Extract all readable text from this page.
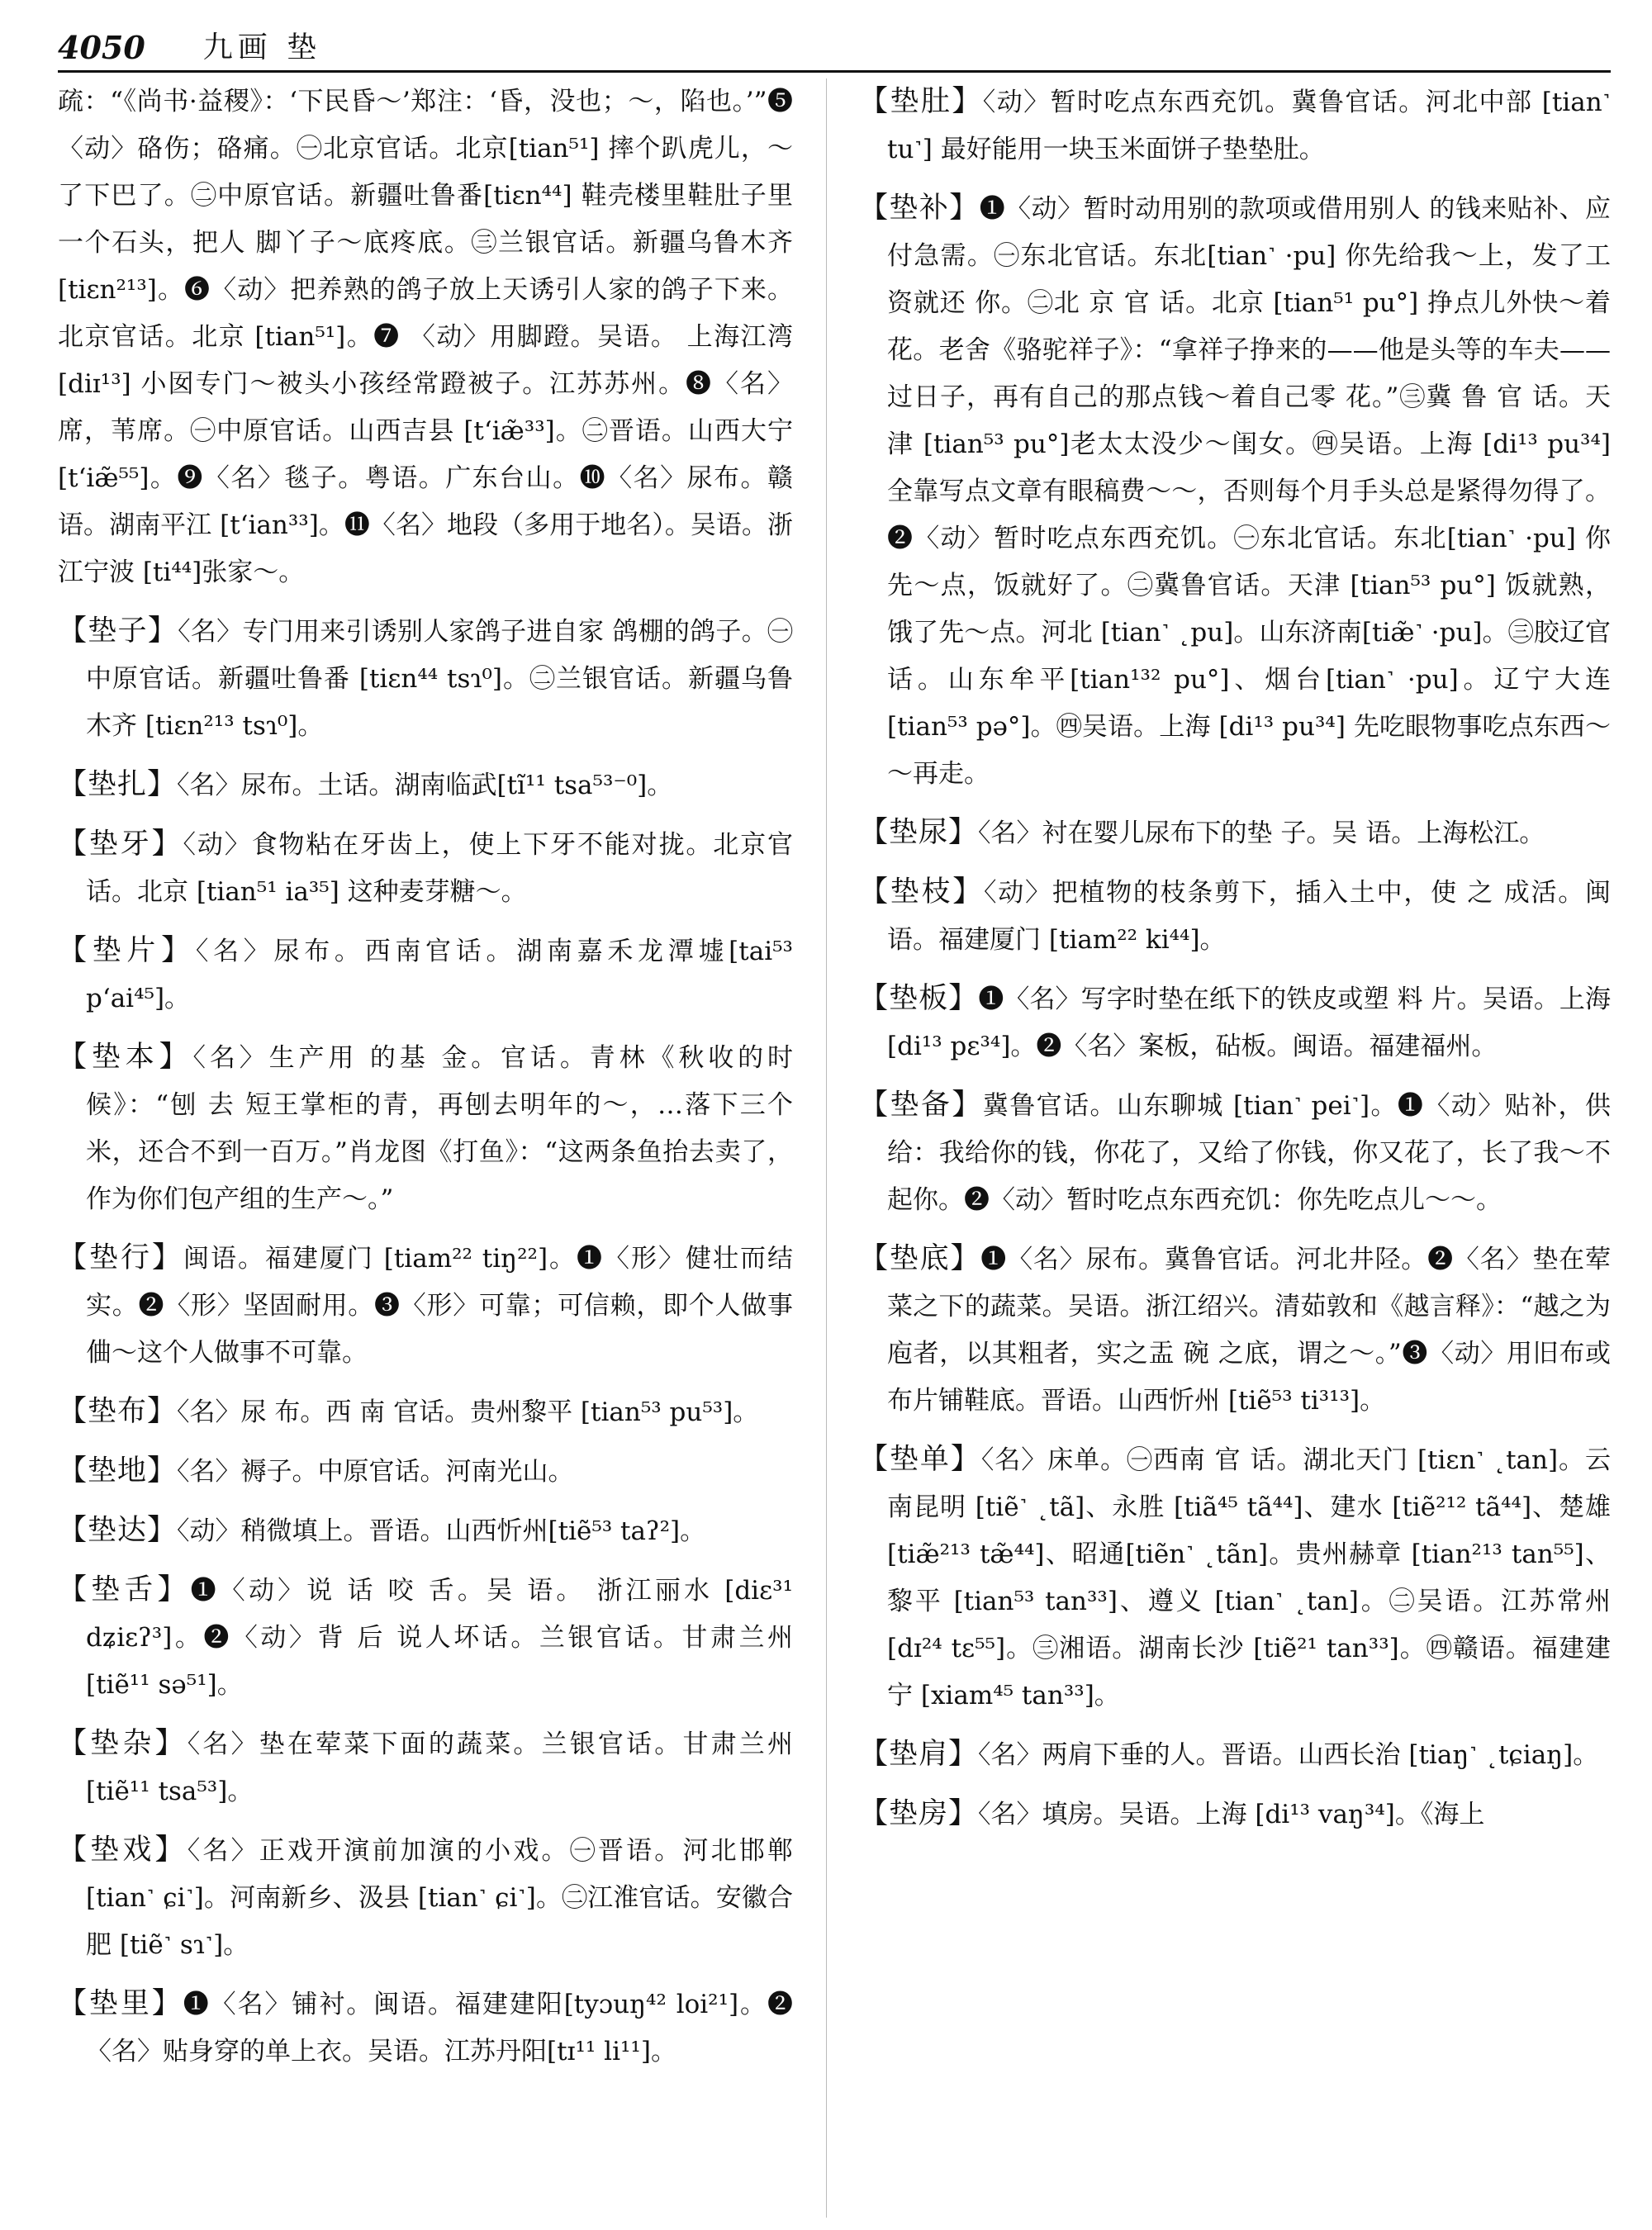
4050 九画 垫

疏：“《尚书·益稷》：‘下民昏～’郑注：‘昏，没也；～，陷也。’”❺〈动〉硌伤；硌痛。㊀北京官话。北京[tian⁵¹] 摔个趴虎儿，～了下巴了。㊁中原官话。新疆吐鲁番[tiɛn⁴⁴] 鞋壳楼里鞋肚子里一个石头，把人 脚丫子～底疼底。㊂兰银官话。新疆乌鲁木齐[tiɛn²¹³]。❻〈动〉把养熟的鸽子放上天诱引人家的鸽子下来。北京官话。北京 [tian⁵¹]。❼ 〈动〉用脚蹬。吴语。 上海江湾 [diɪ¹³] 小囡专门～被头小孩经常蹬被子。江苏苏州。❽〈名〉席，苇席。㊀中原官话。山西吉县 [tʻiæ̃³³]。㊁晋语。山西大宁 [tʻiæ̃⁵⁵]。❾〈名〉毯子。粤语。广东台山。❿〈名〉尿布。赣语。湖南平江 [tʻian³³]。⓫〈名〉地段（多用于地名）。吴语。浙江宁波 [ti⁴⁴]张家～。

【垫子】〈名〉专门用来引诱别人家鸽子进自家 鸽棚的鸽子。㊀中原官话。新疆吐鲁番 [tiɛn⁴⁴ tsɿ⁰]。㊁兰银官话。新疆乌鲁木齐 [tiɛn²¹³ tsɿ⁰]。

【垫扎】〈名〉尿布。土话。湖南临武[tĩ¹¹ tsa⁵³⁻⁰]。

【垫牙】〈动〉食物粘在牙齿上，使上下牙不能对拢。北京官话。北京 [tian⁵¹ ia³⁵] 这种麦芽糖～。

【垫片】〈名〉尿布。西南官话。湖南嘉禾龙潭墟[tai⁵³ pʻai⁴⁵]。

【垫本】〈名〉生产用 的基 金。官话。青林《秋收的时候》：“刨 去 短王掌柜的青，再刨去明年的～，…落下三个米，还合不到一百万。”肖龙图《打鱼》：“这两条鱼抬去卖了，作为你们包产组的生产～。”

【垫行】闽语。福建厦门 [tiam²² tiŋ²²]。❶〈形〉健壮而结实。❷〈形〉坚固耐用。❸〈形〉可靠；可信赖，即个人做事㑋～这个人做事不可靠。

【垫布】〈名〉尿 布。西 南 官话。贵州黎平 [tian⁵³ pu⁵³]。

【垫地】〈名〉褥子。中原官话。河南光山。

【垫达】〈动〉稍微填上。晋语。山西忻州[tiẽ⁵³ taʔ²]。

【垫舌】❶〈动〉说 话 咬 舌。吴 语。 浙江丽水 [diɛ³¹ dʑiɛʔ³]。❷〈动〉背 后 说人坏话。兰银官话。甘肃兰州 [tiẽ¹¹ sə⁵¹]。

【垫杂】〈名〉垫在荤菜下面的蔬菜。兰银官话。甘肃兰州 [tiẽ¹¹ tsa⁵³]。

【垫戏】〈名〉正戏开演前加演的小戏。㊀晋语。河北邯郸 [tian˺ ɕi˺]。河南新乡、汲县 [tian˺ ɕi˺]。㊁江淮官话。安徽合肥 [tiẽ˺ sɿ˺]。

【垫里】❶〈名〉铺衬。闽语。福建建阳[tyɔuŋ⁴² loi²¹]。❷〈名〉贴身穿的单上衣。吴语。江苏丹阳[tɪ¹¹ li¹¹]。

【垫肚】〈动〉暂时吃点东西充饥。冀鲁官话。河北中部 [tian˺ tu˺] 最好能用一块玉米面饼子垫垫肚。

【垫补】❶〈动〉暂时动用别的款项或借用别人 的钱来贴补、应付急需。㊀东北官话。东北[tian˺ ·pu] 你先给我～上，发了工资就还 你。㊁北 京 官 话。北京 [tian⁵¹ pu°] 挣点儿外快～着花。老舍《骆驼祥子》：“拿祥子挣来的——他是头等的车夫——过日子，再有自己的那点钱～着自己零 花。”㊂冀 鲁 官 话。天津 [tian⁵³ pu°]老太太没少～闺女。㊃吴语。上海 [di¹³ pu³⁴] 全靠写点文章有眼稿费～～，否则每个月手头总是紧得勿得了。❷〈动〉暂时吃点东西充饥。㊀东北官话。东北[tian˺ ·pu] 你先～点，饭就好了。㊁冀鲁官话。天津 [tian⁵³ pu°] 饭就熟，饿了先～点。河北 [tian˺ ˛pu]。山东济南[tiæ̃˺ ·pu]。㊂胶辽官话。山东牟平[tian¹³² pu°]、烟台[tian˺ ·pu]。辽宁大连 [tian⁵³ pə°]。㊃吴语。上海 [di¹³ pu³⁴] 先吃眼物事吃点东西～～再走。

【垫尿】〈名〉衬在婴儿尿布下的垫 子。吴 语。上海松江。

【垫枝】〈动〉把植物的枝条剪下，插入土中，使 之 成活。闽语。福建厦门 [tiam²² ki⁴⁴]。

【垫板】❶〈名〉写字时垫在纸下的铁皮或塑 料 片。吴语。上海 [di¹³ pɛ³⁴]。❷〈名〉案板，砧板。闽语。福建福州。

【垫备】冀鲁官话。山东聊城 [tian˺ pei˺]。❶〈动〉贴补，供给：我给你的钱，你花了，又给了你钱，你又花了，长了我～不起你。❷〈动〉暂时吃点东西充饥：你先吃点儿～～。

【垫底】❶〈名〉尿布。冀鲁官话。河北井陉。❷〈名〉垫在荤菜之下的蔬菜。吴语。浙江绍兴。清茹敦和《越言释》：“越之为庖者，以其粗者，实之盂 碗 之底，谓之～。”❸〈动〉用旧布或布片铺鞋底。晋语。山西忻州 [tiẽ⁵³ ti³¹³]。

【垫单】〈名〉床单。㊀西南 官 话。湖北天门 [tiɛn˺ ˛tan]。云南昆明 [tiẽ˺ ˛tã]、永胜 [tiã⁴⁵ tã⁴⁴]、建水 [tiẽ²¹² tã⁴⁴]、楚雄 [tiæ̃²¹³ tæ̃⁴⁴]、昭通[tiẽn˺ ˛tãn]。贵州赫章 [tian²¹³ tan⁵⁵]、黎平 [tian⁵³ tan³³]、遵义 [tian˺ ˛tan]。㊁吴语。江苏常州 [dɪ²⁴ tɛ⁵⁵]。㊂湘语。湖南长沙 [tiẽ²¹ tan³³]。㊃赣语。福建建宁 [xiam⁴⁵ tan³³]。

【垫肩】〈名〉两肩下垂的人。晋语。山西长治 [tiaŋ˺ ˛tɕiaŋ]。

【垫房】〈名〉填房。吴语。上海 [di¹³ vaŋ³⁴]。《海上
